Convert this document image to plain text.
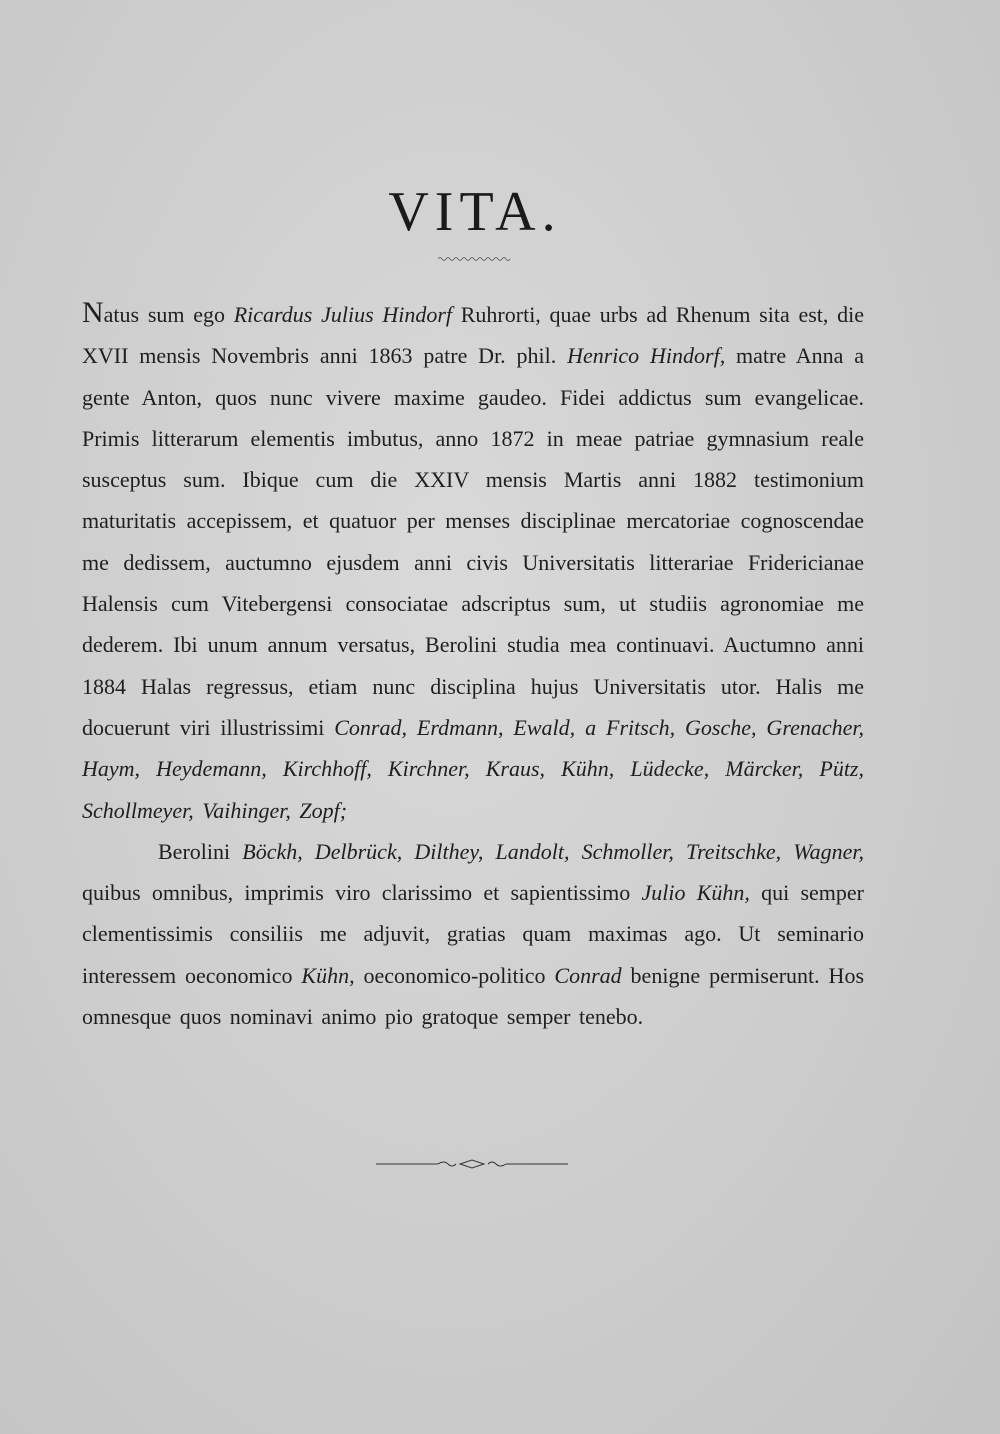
VITA.

Natus sum ego Ricardus Julius Hindorf Ruhrorti, quae urbs ad Rhenum sita est, die XVII mensis Novembris anni 1863 patre Dr. phil. Henrico Hindorf, matre Anna a gente Anton, quos nunc vivere maxime gaudeo. Fidei addictus sum evangelicae. Primis litterarum elementis imbutus, anno 1872 in meae patriae gymnasium reale susceptus sum. Ibique cum die XXIV mensis Martis anni 1882 testimonium maturitatis accepissem, et quatuor per menses disciplinae mercatoriae cognoscendae me dedissem, auctumno ejusdem anni civis Universitatis litterariae Fridericianae Halensis cum Vitebergensi consociatae adscriptus sum, ut studiis agronomiae me dederem. Ibi unum annum versatus, Berolini studia mea continuavi. Auctumno anni 1884 Halas regressus, etiam nunc disciplina hujus Universitatis utor. Halis me docuerunt viri illustrissimi Conrad, Erdmann, Ewald, a Fritsch, Gosche, Grenacher, Haym, Heydemann, Kirchhoff, Kirchner, Kraus, Kühn, Lüdecke, Märcker, Pütz, Schollmeyer, Vaihinger, Zopf;

Berolini Böckh, Delbrück, Dilthey, Landolt, Schmoller, Treitschke, Wagner, quibus omnibus, imprimis viro clarissimo et sapientissimo Julio Kühn, qui semper clementissimis consiliis me adjuvit, gratias quam maximas ago. Ut seminario interessem oeconomico Kühn, oeconomico-politico Conrad benigne permiserunt. Hos omnesque quos nominavi animo pio gratoque semper tenebo.
